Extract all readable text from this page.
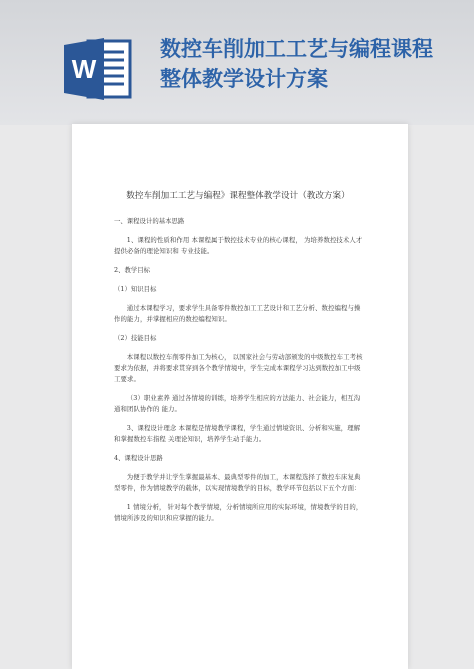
W
数控车削加工工艺与编程课程
整体教学设计方案
数控车削加工工艺与编程》课程整体教学设计（教改方案）
一、课程设计的基本思路
1、课程的性质和作用 本课程属于数控技术专业的核心课程， 为培养数控技术人才提供必备的理论知识和 专业技能。
2、教学目标
（1）知识目标
通过本课程学习，要求学生具备零件数控加工工艺设计和工艺分析、数控编程与操 作的能力，并掌握相应的数控编程知识。
（2）技能目标
本课程以数控车削零件加工为核心， 以国家社会与劳动部颁发的中级数控车工考核 要求为依据，并将要求贯穿到各个教学情境中，学生完成本课程学习达到数控加工中级 工要求。
（3）职业素养 通过各情境的训练，培养学生相应的方法能力、社会能力，相互沟通和团队协作的 能力。
3、课程设计理念 本课程是情境教学课程，学生通过情境资讯、分析和实施，理解和掌握数控车指程 关理论知识，培养学生动手能力。
4、课程设计思路
为便于教学并让学生掌握最基本、最典型零件的加工，本课程选择了数控车床复典 型零件，作为情境教学的载体，以实现情境教学的目标，教学环节包括以下五个方面：
1 情境分析， 针对每个教学情境，分析情境所应用的实际环境，情境教学的目的， 情境所涉及的知识和应掌握的能力。
